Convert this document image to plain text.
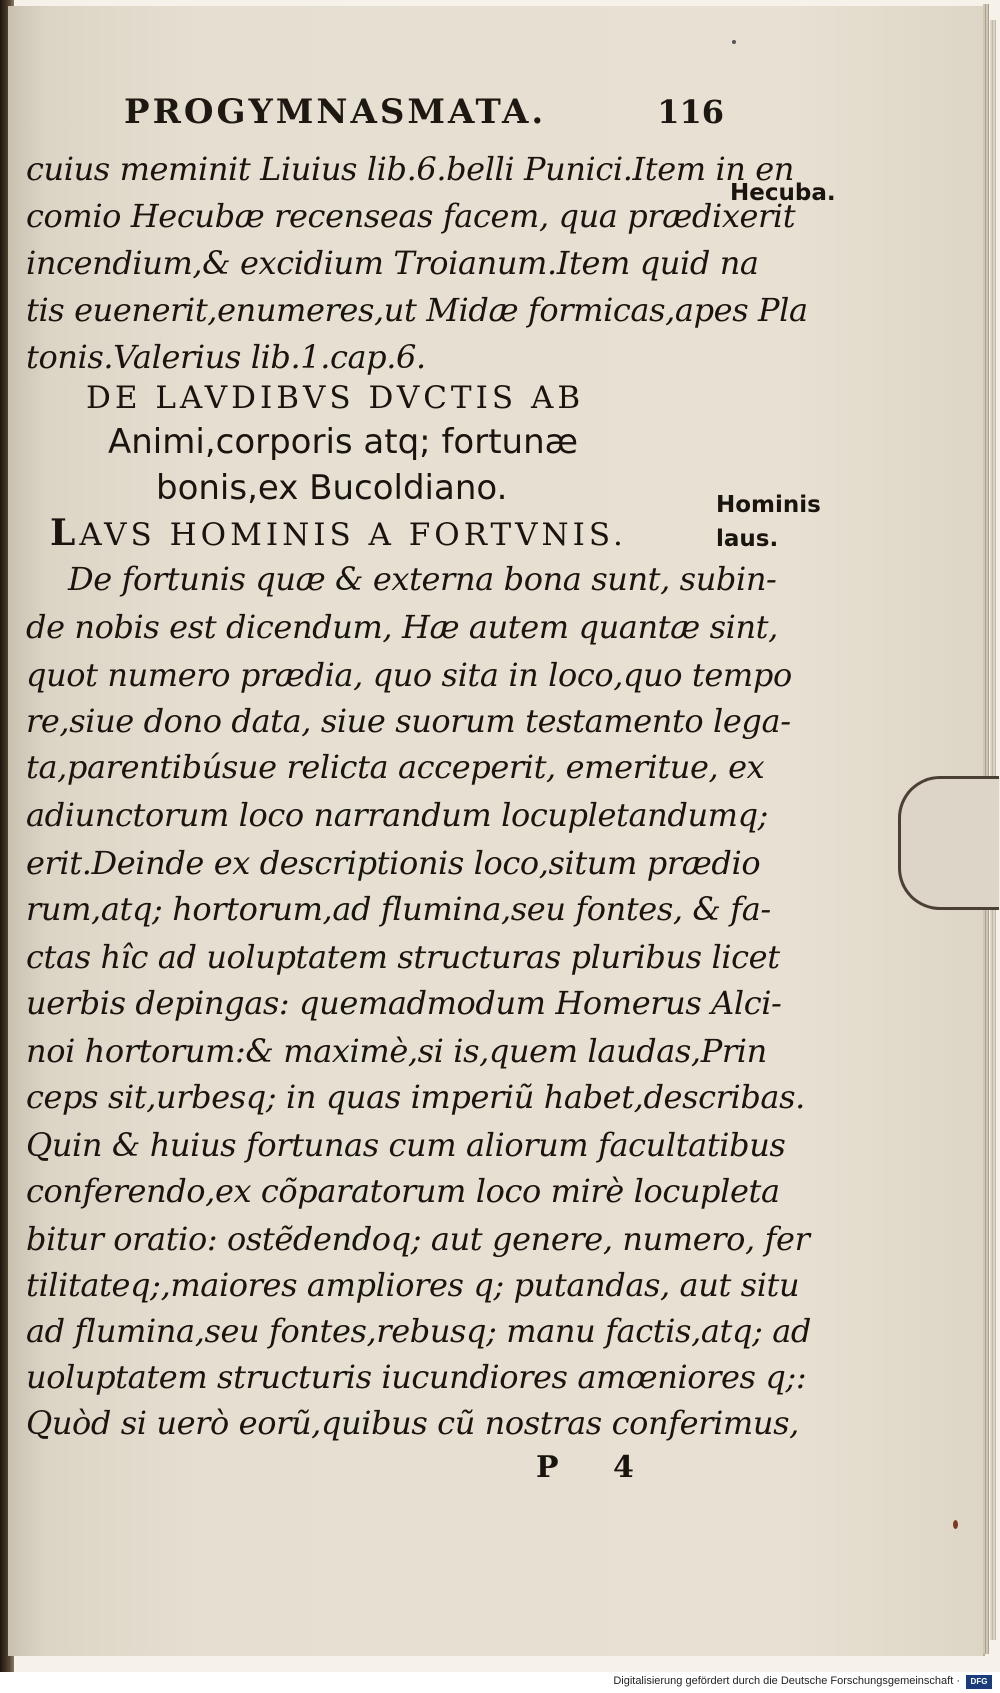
PROGYMNASMATA.	116
cuius meminit Liuius lib.6.belli Punici.Item in en
comio Hecubæ recenseas facem, qua prædixerit
incendium,& excidium Troianum.Item quid na
tis euenerit,enumeres,ut Midæ formicas,apes Pla
tonis.Valerius lib.1.cap.6.
DE LAVDIBVS DVCTIS AB
Animi,corporis atq; fortunæ
bonis,ex Bucoldiano.
LAVS HOMINIS A FORTVNIS.
De fortunis quæ & externa bona sunt, subin-
de nobis est dicendum, Hæ autem quantæ sint,
quot numero prædia, quo sita in loco,quo tempo
re,siue dono data, siue suorum testamento lega-
ta,parentibúsue relicta acceperit, emeritue, ex
adiunctorum loco narrandum locupletandumq;
erit.Deinde ex descriptionis loco,situm prædio
rum,atq; hortorum,ad flumina,seu fontes, & fa-
ctas hîc ad uoluptatem structuras pluribus licet
uerbis depingas: quemadmodum Homerus Alci-
noi hortorum:& maximè,si is,quem laudas,Prin
ceps sit,urbesq; in quas imperiũ habet,describas.
Quin & huius fortunas cum aliorum facultatibus
conferendo,ex cõparatorum loco mirè locupleta
bitur oratio: ostẽdendoq; aut genere, numero, fer
tilitateq;,maiores ampliores q; putandas, aut situ
ad flumina,seu fontes,rebusq; manu factis,atq; ad
uoluptatem structuris iucundiores amœniores q;:
Quòd si uerò eorũ,quibus cũ nostras conferimus,
Hecuba.
Hominis
laus.
P 4
Digitalisierung gefördert durch die Deutsche Forschungsgemeinschaft ·	DFG
